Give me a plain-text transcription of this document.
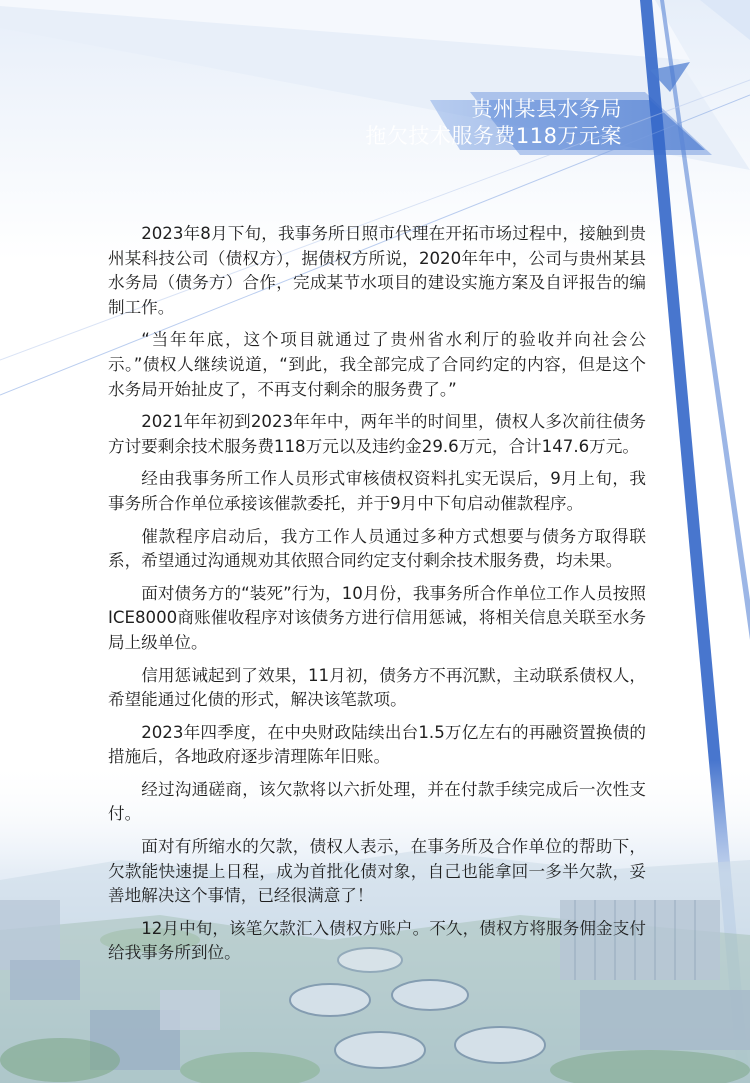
贵州某县水务局
拖欠技术服务费118万元案

2023年8月下旬，我事务所日照市代理在开拓市场过程中，接触到贵州某科技公司（债权方），据债权方所说，2020年年中，公司与贵州某县水务局（债务方）合作，完成某节水项目的建设实施方案及自评报告的编制工作。

“当年年底，这个项目就通过了贵州省水利厅的验收并向社会公示。”债权人继续说道，“到此，我全部完成了合同约定的内容，但是这个水务局开始扯皮了，不再支付剩余的服务费了。”

2021年年初到2023年年中，两年半的时间里，债权人多次前往债务方讨要剩余技术服务费118万元以及违约金29.6万元，合计147.6万元。

经由我事务所工作人员形式审核债权资料扎实无误后，9月上旬，我事务所合作单位承接该催款委托，并于9月中下旬启动催款程序。

催款程序启动后，我方工作人员通过多种方式想要与债务方取得联系，希望通过沟通规劝其依照合同约定支付剩余技术服务费，均未果。

面对债务方的“装死”行为，10月份，我事务所合作单位工作人员按照ICE8000商账催收程序对该债务方进行信用惩诫，将相关信息关联至水务局上级单位。

信用惩诫起到了效果，11月初，债务方不再沉默，主动联系债权人，希望能通过化债的形式，解决该笔款项。

2023年四季度，在中央财政陆续出台1.5万亿左右的再融资置换债的措施后，各地政府逐步清理陈年旧账。

经过沟通磋商，该欠款将以六折处理，并在付款手续完成后一次性支付。

面对有所缩水的欠款，债权人表示，在事务所及合作单位的帮助下，欠款能快速提上日程，成为首批化债对象，自己也能拿回一多半欠款，妥善地解决这个事情，已经很满意了！

12月中旬，该笔欠款汇入债权方账户。不久，债权方将服务佣金支付给我事务所到位。
